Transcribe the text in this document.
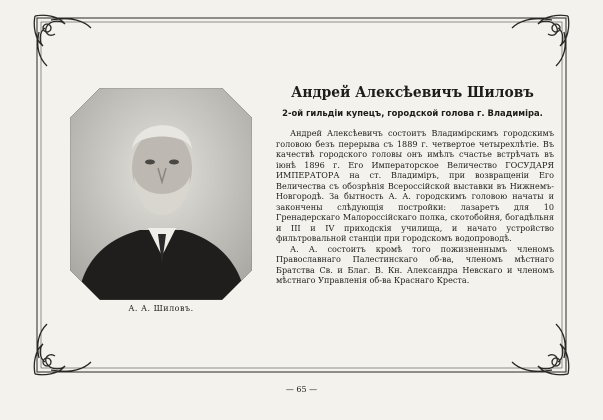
А. А. Шиловъ.
Андрей Алексѣевичъ Шиловъ
2-ой гильдіи купецъ, городской голова г. Владиміра.

Андрей Алексѣевичъ состоитъ Владимірскимъ городскимъ головою безъ перерыва съ 1889 г. четвертое четырехлѣтіе. Въ качествѣ городского головы онъ имѣлъ счастье встрѣчать въ іюнѣ 1896 г. Его Императорское Величество ГОСУДАРЯ ИМПЕРАТОРА на ст. Владиміръ, при возвращеніи Его Величества съ обозрѣнія Всероссійской выставки въ Нижнемъ-Новгородѣ. За бытность А. А. городскимъ головою начаты и закончены слѣдующія постройки: лазаретъ для 10 Гренадерскаго Малороссійскаго полка, скотобойня, богадѣльня и III и IV приходскія училища, и начато устройство фильтровальной станціи при городскомъ водопроводѣ.

А. А. состоитъ кромѣ того пожизненнымъ членомъ Православнаго Палестинскаго об-ва, членомъ мѣстнаго Братства Св. и Благ. В. Кн. Александра Невскаго и членомъ мѣстнаго Управленія об-ва Краснаго Креста.

— 65 —
